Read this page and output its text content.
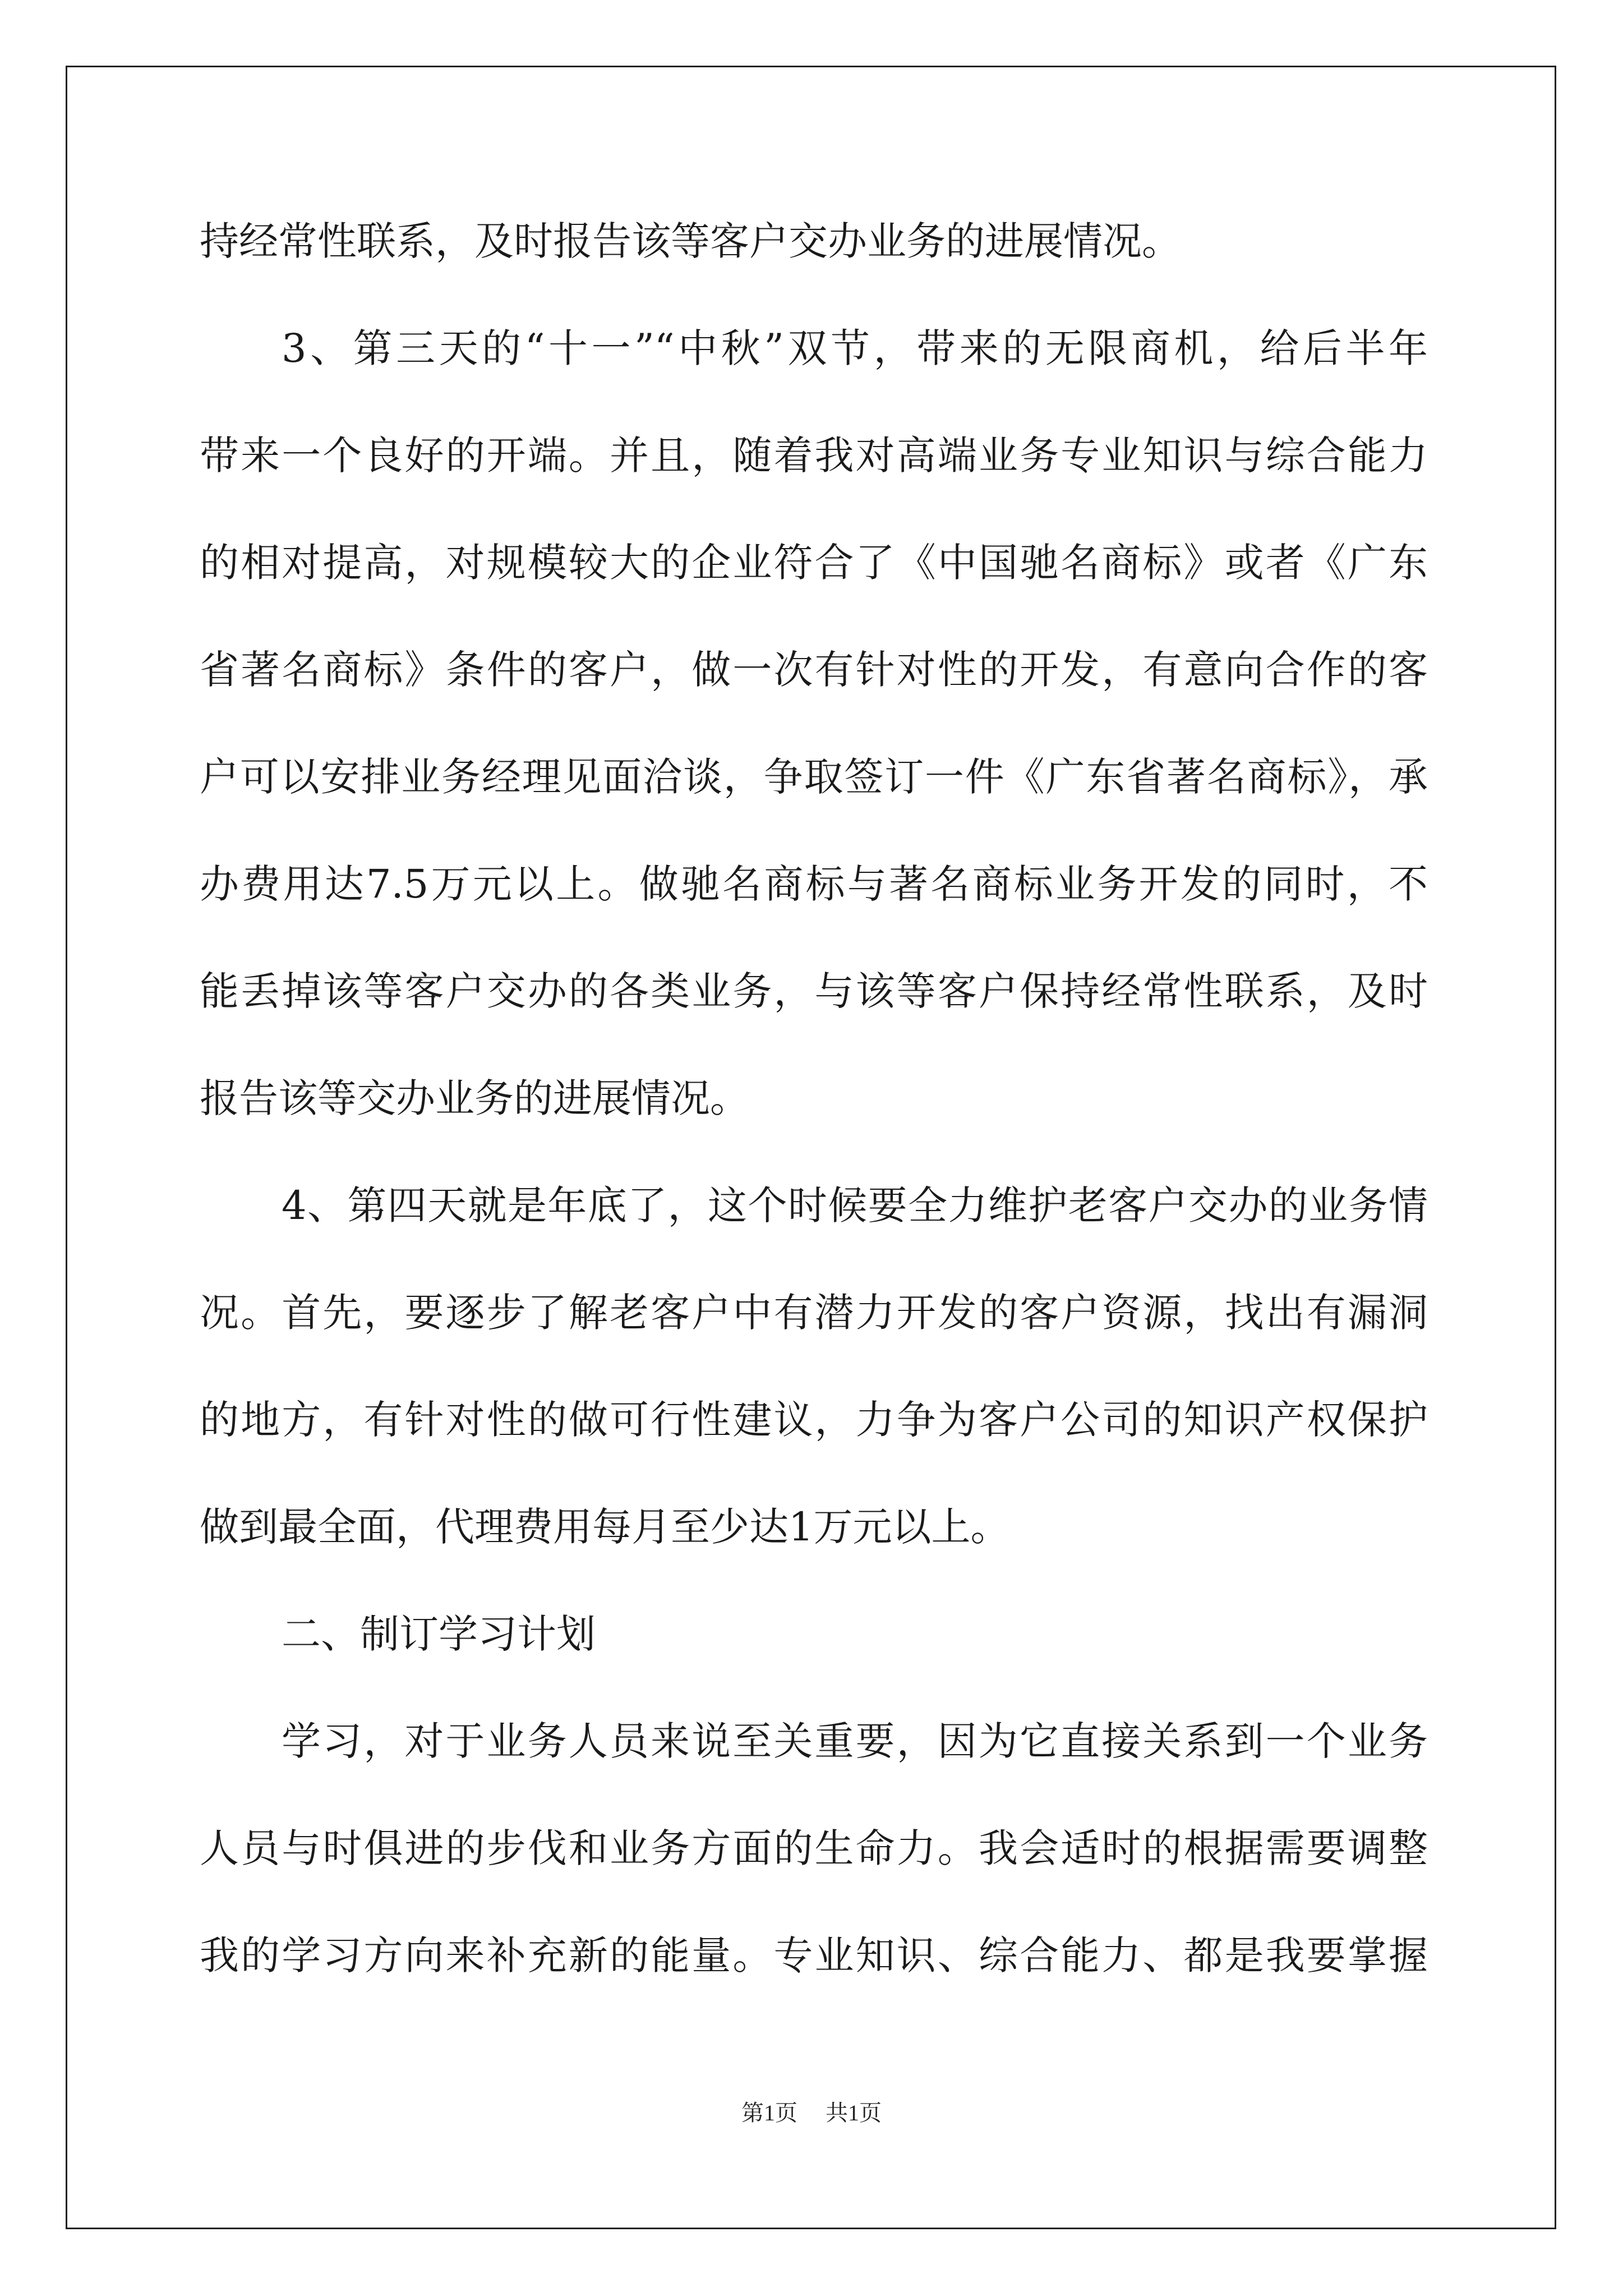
持经常性联系，及时报告该等客户交办业务的进展情况。
3、第三天的“十一”“中秋”双节，带来的无限商机，给后半年
带来一个良好的开端。并且，随着我对高端业务专业知识与综合能力
的相对提高，对规模较大的企业符合了《中国驰名商标》或者《广东
省著名商标》条件的客户，做一次有针对性的开发，有意向合作的客
户可以安排业务经理见面洽谈，争取签订一件《广东省著名商标》，承
办费用达7.5万元以上。做驰名商标与著名商标业务开发的同时，不
能丢掉该等客户交办的各类业务，与该等客户保持经常性联系，及时
报告该等交办业务的进展情况。
4、第四天就是年底了，这个时候要全力维护老客户交办的业务情
况。首先，要逐步了解老客户中有潜力开发的客户资源，找出有漏洞
的地方，有针对性的做可行性建议，力争为客户公司的知识产权保护
做到最全面，代理费用每月至少达1万元以上。
二、制订学习计划
学习，对于业务人员来说至关重要，因为它直接关系到一个业务
人员与时俱进的步伐和业务方面的生命力。我会适时的根据需要调整
我的学习方向来补充新的能量。专业知识、综合能力、都是我要掌握
第1页 共1页
